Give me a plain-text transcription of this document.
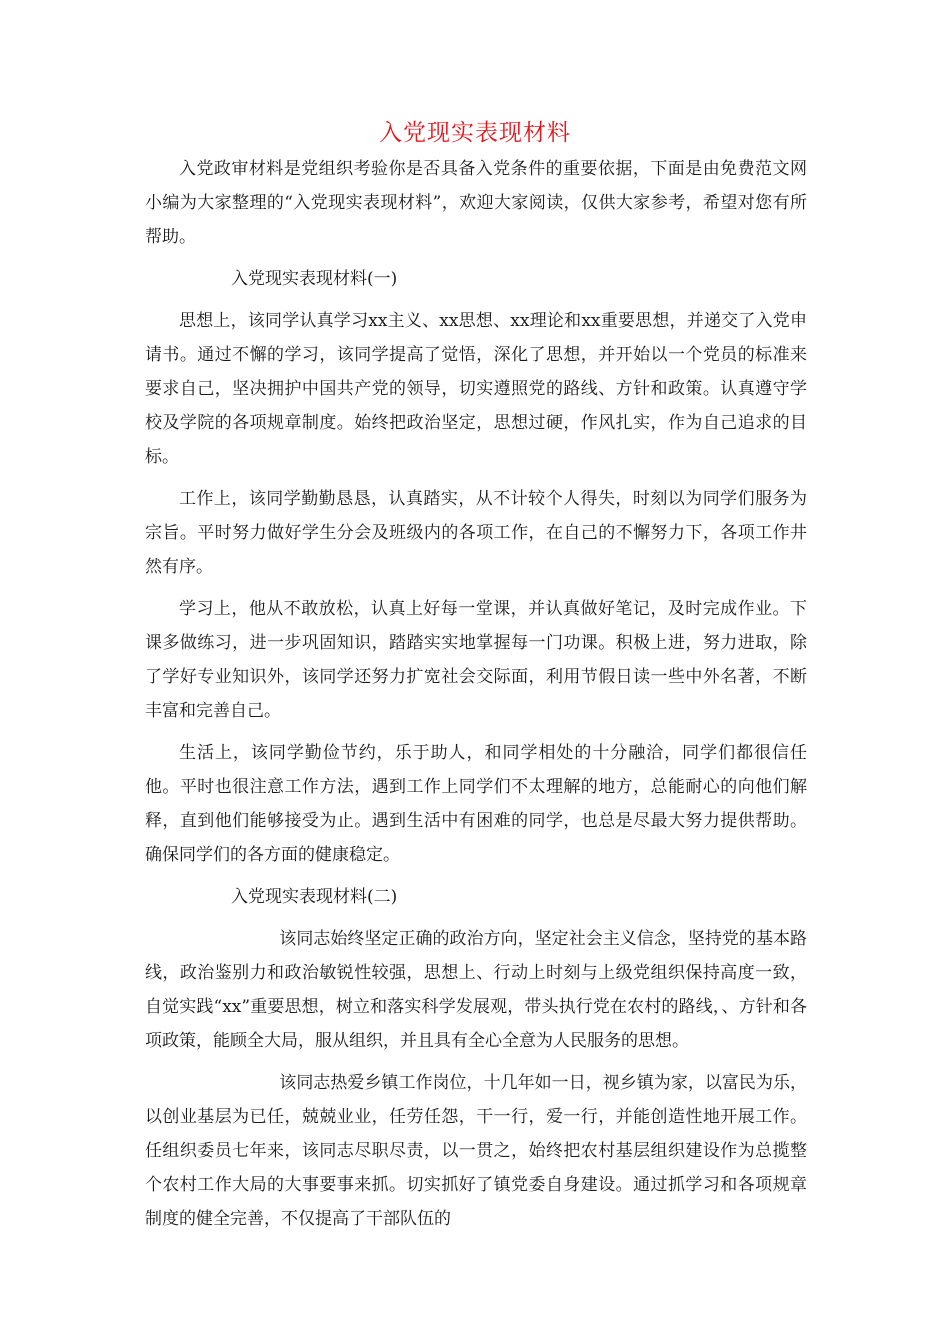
入党现实表现材料

入党政审材料是党组织考验你是否具备入党条件的重要依据，下面是由免费范文网小编为大家整理的“入党现实表现材料”，欢迎大家阅读，仅供大家参考，希望对您有所帮助。

入党现实表现材料(一)

思想上，该同学认真学习xx主义、xx思想、xx理论和xx重要思想，并递交了入党申请书。通过不懈的学习，该同学提高了觉悟，深化了思想，并开始以一个党员的标准来要求自己，坚决拥护中国共产党的领导，切实遵照党的路线、方针和政策。认真遵守学校及学院的各项规章制度。始终把政治坚定，思想过硬，作风扎实，作为自己追求的目标。

工作上，该同学勤勤恳恳，认真踏实，从不计较个人得失，时刻以为同学们服务为宗旨。平时努力做好学生分会及班级内的各项工作，在自己的不懈努力下，各项工作井然有序。

学习上，他从不敢放松，认真上好每一堂课，并认真做好笔记，及时完成作业。下课多做练习，进一步巩固知识，踏踏实实地掌握每一门功课。积极上进，努力进取，除了学好专业知识外，该同学还努力扩宽社会交际面，利用节假日读一些中外名著，不断丰富和完善自己。

生活上，该同学勤俭节约，乐于助人，和同学相处的十分融洽，同学们都很信任他。平时也很注意工作方法，遇到工作上同学们不太理解的地方，总能耐心的向他们解释，直到他们能够接受为止。遇到生活中有困难的同学，也总是尽最大努力提供帮助。确保同学们的各方面的健康稳定。

入党现实表现材料(二)

该同志始终坚定正确的政治方向，坚定社会主义信念，坚持党的基本路线，政治鉴别力和政治敏锐性较强，思想上、行动上时刻与上级党组织保持高度一致，自觉实践“xx”重要思想，树立和落实科学发展观，带头执行党在农村的路线，、方针和各项政策，能顾全大局，服从组织，并且具有全心全意为人民服务的思想。

该同志热爱乡镇工作岗位，十几年如一日，视乡镇为家，以富民为乐，以创业基层为已任，兢兢业业，任劳任怨，干一行，爱一行，并能创造性地开展工作。任组织委员七年来，该同志尽职尽责，以一贯之，始终把农村基层组织建设作为总揽整个农村工作大局的大事要事来抓。切实抓好了镇党委自身建设。通过抓学习和各项规章制度的健全完善，不仅提高了干部队伍的
